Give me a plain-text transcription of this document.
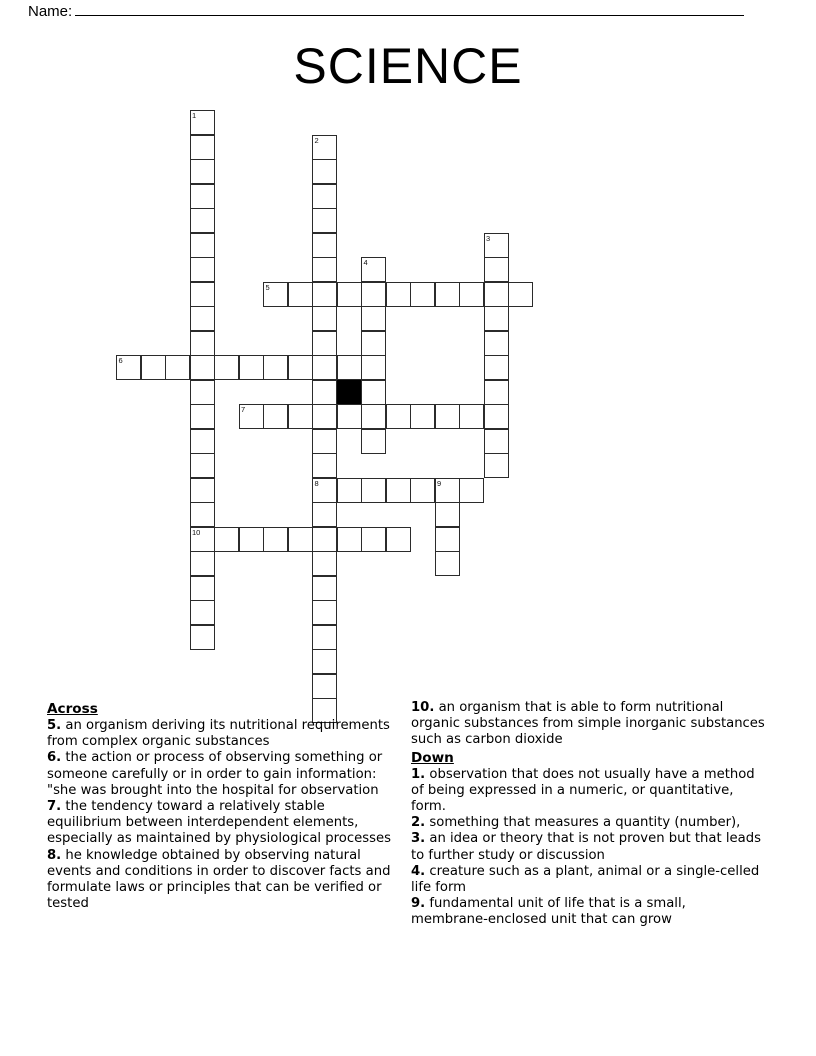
Name:
SCIENCE
1
2
3
4
5
6
7
8	9
10
Across
5. an organism deriving its nutritional requirements from complex organic substances
6. the action or process of observing something or someone carefully or in order to gain information: "she was brought into the hospital for observation
7. the tendency toward a relatively stable equilibrium between interdependent elements, especially as maintained by physiological processes
8. he knowledge obtained by observing natural events and conditions in order to discover facts and formulate laws or principles that can be verified or tested
10. an organism that is able to form nutritional organic substances from simple inorganic substances such as carbon dioxide
Down
1. observation that does not usually have a method of being expressed in a numeric, or quantitative, form.
2. something that measures a quantity (number),
3. an idea or theory that is not proven but that leads to further study or discussion
4. creature such as a plant, animal or a single-celled life form
9. fundamental unit of life that is a small, membrane-enclosed unit that can grow
